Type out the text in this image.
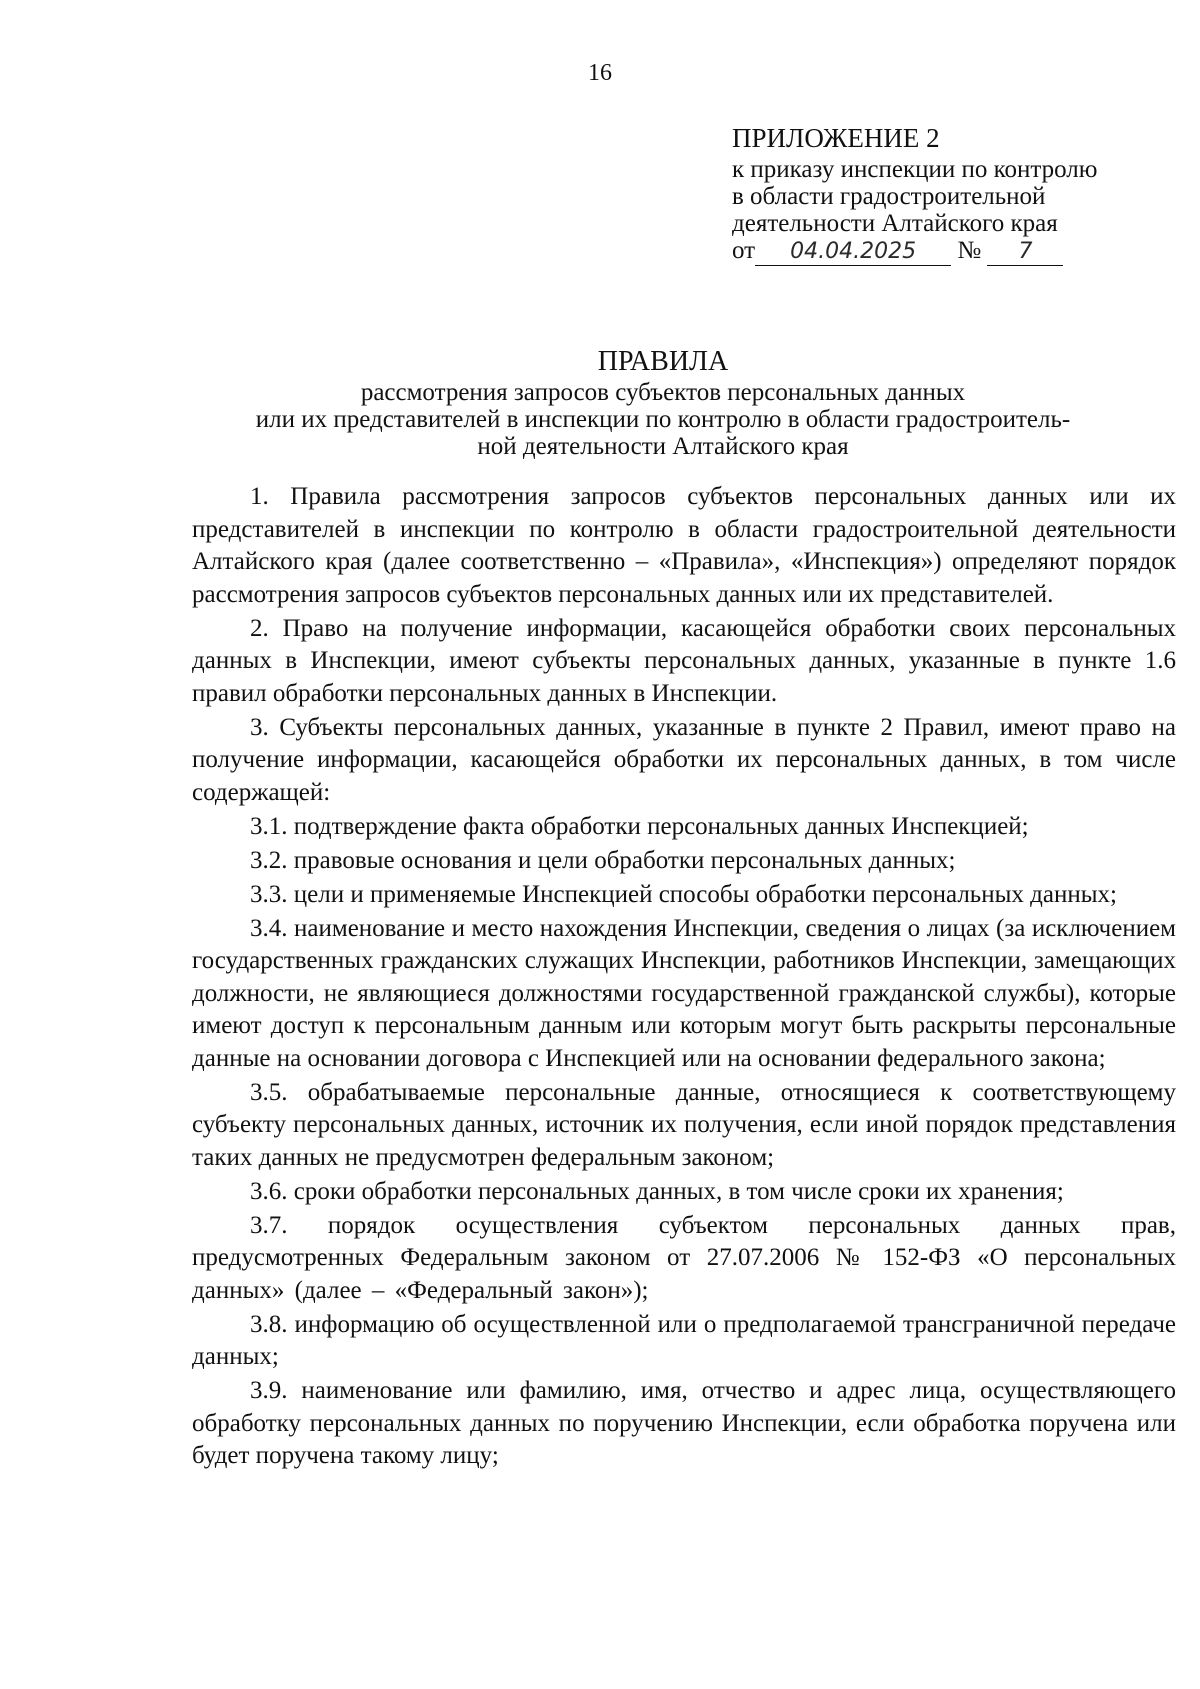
16
ПРИЛОЖЕНИЕ 2
к приказу инспекции по контролю
в области градостроительной
деятельности Алтайского края
от 04.04.2025 № 7
ПРАВИЛА
рассмотрения запросов субъектов персональных данных
или их представителей в инспекции по контролю в области градостроитель-
ной деятельности Алтайского края

1. Правила рассмотрения запросов субъектов персональных данных или их представителей в инспекции по контролю в области градостроительной деятельности Алтайского края (далее соответственно – «Правила», «Инспекция») определяют порядок рассмотрения запросов субъектов персональных данных или их представителей.

2. Право на получение информации, касающейся обработки своих персональных данных в Инспекции, имеют субъекты персональных данных, указанные в пункте 1.6 правил обработки персональных данных в Инспекции.

3. Субъекты персональных данных, указанные в пункте 2 Правил, имеют право на получение информации, касающейся обработки их персональных данных, в том числе содержащей:

3.1. подтверждение факта обработки персональных данных Инспекцией;

3.2. правовые основания и цели обработки персональных данных;

3.3. цели и применяемые Инспекцией способы обработки персональных данных;

3.4. наименование и место нахождения Инспекции, сведения о лицах (за исключением государственных гражданских служащих Инспекции, работников Инспекции, замещающих должности, не являющиеся должностями государственной гражданской службы), которые имеют доступ к персональным данным или которым могут быть раскрыты персональные данные на основании договора с Инспекцией или на основании федерального закона;

3.5. обрабатываемые персональные данные, относящиеся к соответствующему субъекту персональных данных, источник их получения, если иной порядок представления таких данных не предусмотрен федеральным законом;

3.6. сроки обработки персональных данных, в том числе сроки их хранения;

3.7. порядок осуществления субъектом персональных данных прав, предусмотренных Федеральным законом от 27.07.2006 № 152-ФЗ «О персональных данных» (далее – «Федеральный закон»);

3.8. информацию об осуществленной или о предполагаемой трансграничной передаче данных;

3.9. наименование или фамилию, имя, отчество и адрес лица, осуществляющего обработку персональных данных по поручению Инспекции, если обработка поручена или будет поручена такому лицу;
